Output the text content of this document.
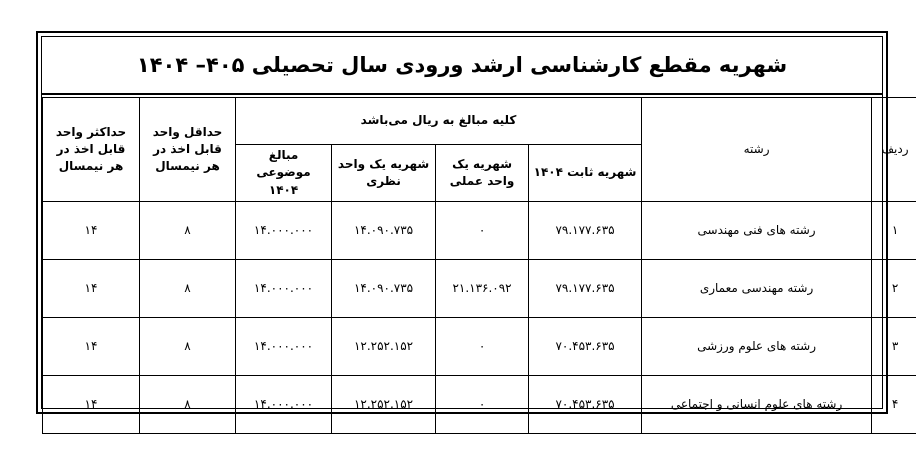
شهریه مقطع کارشناسی ارشد ورودی سال تحصیلی ۴۰۵– ۱۴۰۴
ردیف	رشته	کلیه مبالغ به ریال می‌باشد				حداقل واحد قابل اخذ در هر نیمسال	حداکثر واحد قابل اخذ در هر نیمسال
		شهریه ثابت ۱۴۰۴	شهریه یک واحد عملی	شهریه یک واحد نظری	مبالغ موضوعی ۱۴۰۴		
۱	رشته های فنی مهندسی	۷۹.۱۷۷.۶۳۵	۰	۱۴.۰۹۰.۷۳۵	۱۴.۰۰۰.۰۰۰	۸	۱۴
۲	رشته مهندسی معماری	۷۹.۱۷۷.۶۳۵	۲۱.۱۳۶.۰۹۲	۱۴.۰۹۰.۷۳۵	۱۴.۰۰۰.۰۰۰	۸	۱۴
۳	رشته های علوم ورزشی	۷۰.۴۵۳.۶۳۵	۰	۱۲.۲۵۲.۱۵۲	۱۴.۰۰۰.۰۰۰	۸	۱۴
۴	رشته های علوم انسانی و اجتماعی	۷۰.۴۵۳.۶۳۵	۰	۱۲.۲۵۲.۱۵۲	۱۴.۰۰۰.۰۰۰	۸	۱۴
